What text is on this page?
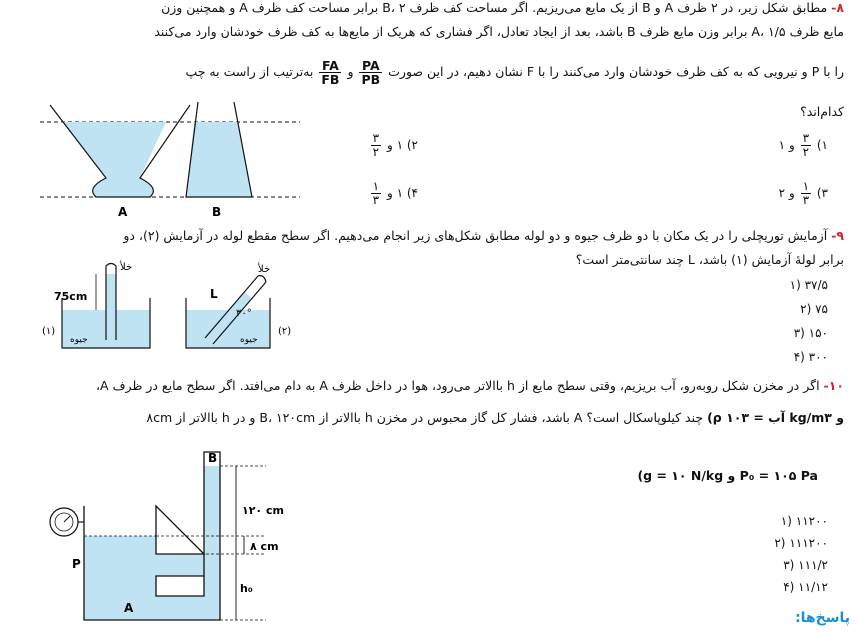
۸- مطابق شکل زیر، در ۲ ظرف A و B از یک مایع می‌ریزیم. اگر مساحت کف ظرف B، ۲ برابر مساحت کف ظرف A و همچنین وزن
مایع ظرف A، ۱/۵ برابر وزن مایع ظرف B باشد، بعد از ایجاد تعادل، اگر فشاری که هریک از مایع‌ها به کف ظرف خودشان وارد می‌کنند
را با P و نیرویی که به کف ظرف خودشان وارد می‌کنند را با F نشان دهیم، در این صورت
$\frac{PA}{PB}$
و
$\frac{FA}{FB}$
به‌ترتیب از راست به چپ
کدام‌اند؟
۱)
$\frac{۳}{۲}$
و ۱
۲) ۱ و
$\frac{۳}{۲}$
۳)
$\frac{۱}{۳}$
و ۲
۴) ۱ و
$\frac{۱}{۳}$
A	B
۹- آزمایش توریچلی را در یک مکان با دو ظرف جیوه و دو لوله مطابق شکل‌های زیر انجام می‌دهیم. اگر سطح مقطع لوله در آزمایش (۲)، دو
برابر لولهٔ آزمایش (۱) باشد، L چند سانتی‌متر است؟
۱) ۳۷/۵
۲) ۷۵
۳) ۱۵۰
۴) ۳۰۰
75cm
خلأ
جیوه
(۱)
خلأ
L
۳۰°
جیوه
(۲)
۱۰- اگر در مخزن شکل روبه‌رو، آب بریزیم، وقتی سطح مایع از h باالاتر می‌رود، هوا در داخل ظرف A به دام می‌افتد. اگر سطح مایع در ظرف A،
۸cm باالاتر از h و در B، ۱۲۰cm باالاتر از h باشد، فشار کل گاز محبوس در مخزن A چند کیلوپاسکال است؟ (ρ آب = ۱۰۳ kg/m۳ و
(g = ۱۰ N/kg و P₀ = ۱۰۵ Pa
۱) ۱۱۲۰۰
۲) ۱۱۱۲۰۰
۳) ۱۱۱/۲
۴) ۱۱/۱۲
B
P
A
۱۲۰ cm
۸ cm
h₀
پاسخ‌ها:
